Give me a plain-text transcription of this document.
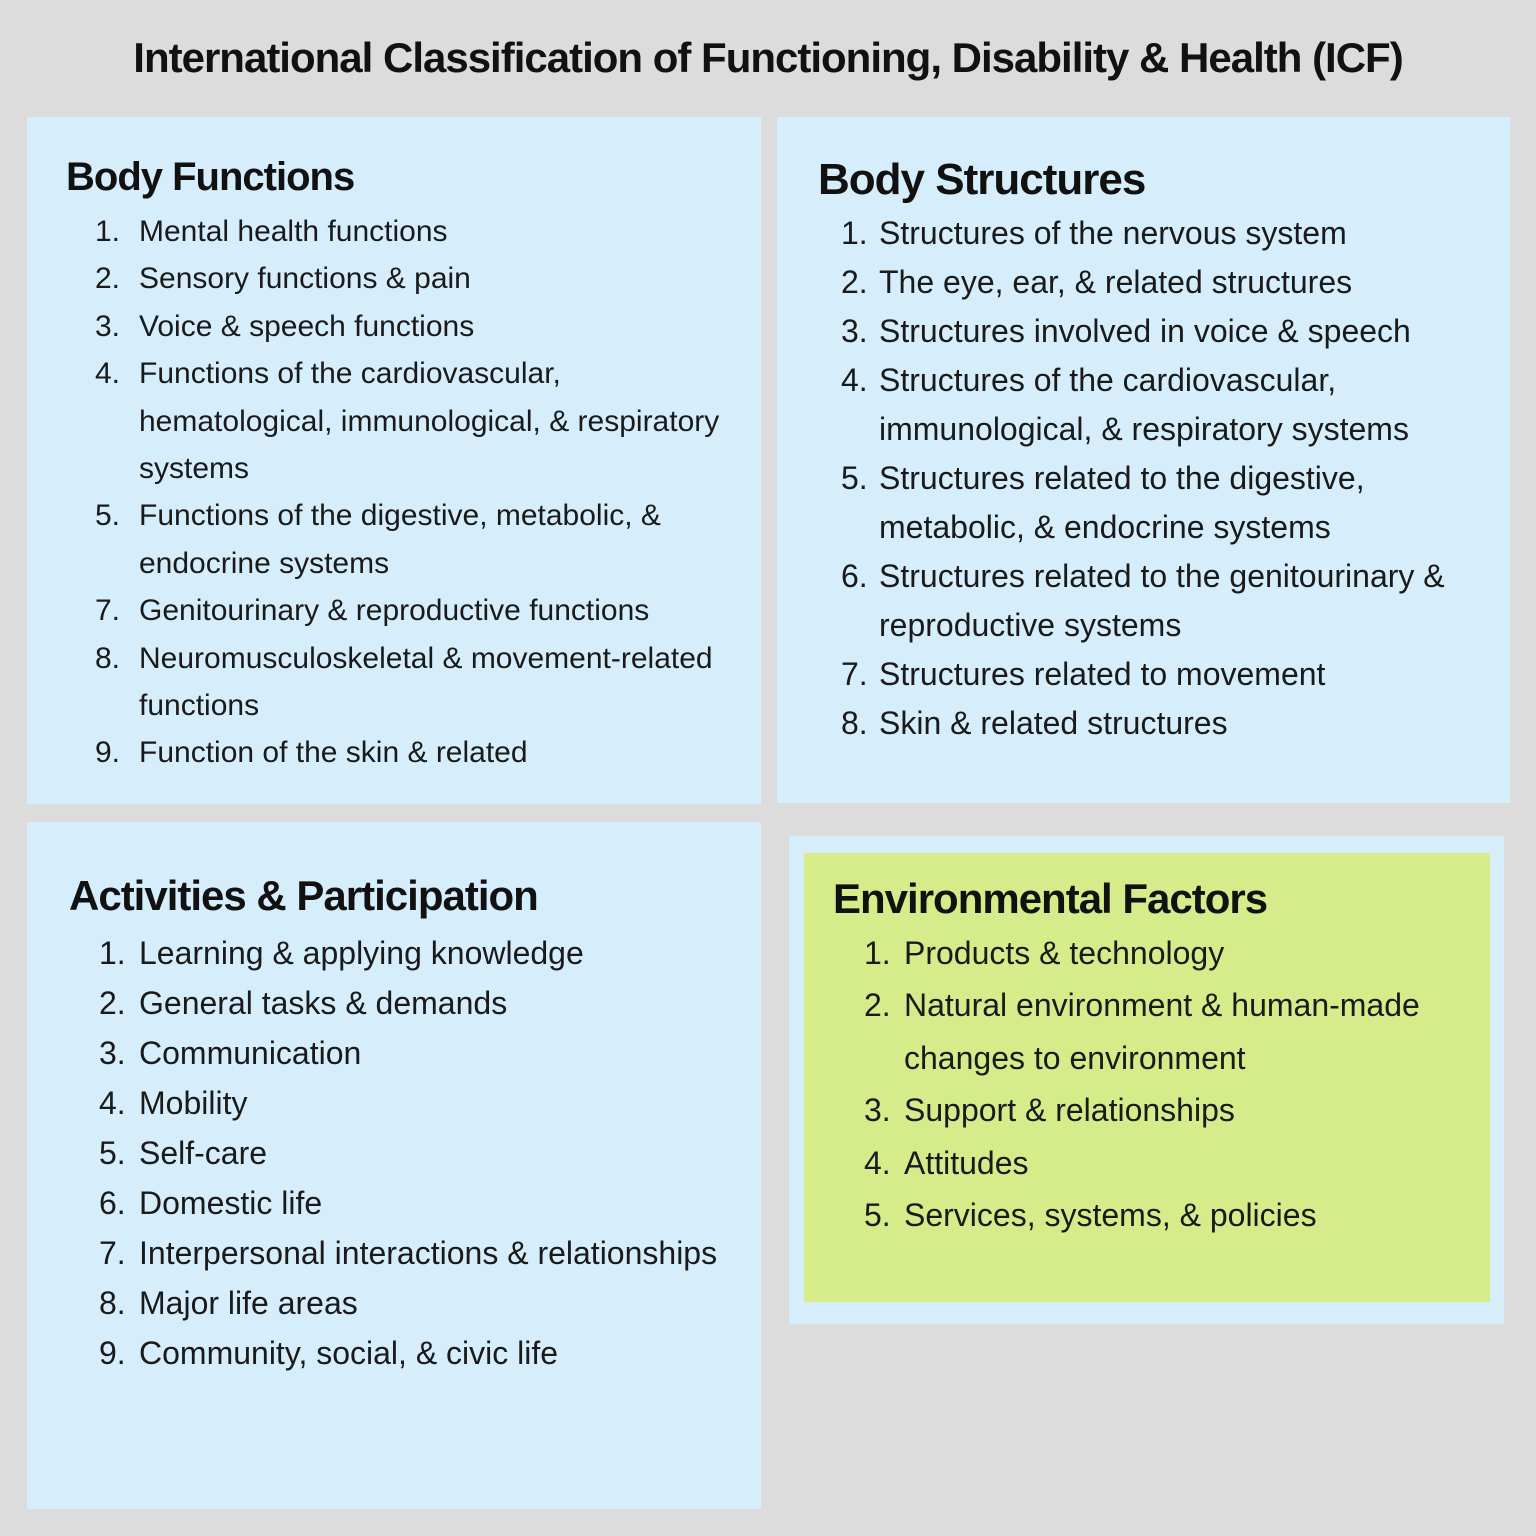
International Classification of Functioning, Disability & Health (ICF)
Body Functions
1. Mental health functions
2. Sensory functions & pain
3. Voice & speech functions
4. Functions of the cardiovascular, hematological, immunological, & respiratory systems
5. Functions of the digestive, metabolic, & endocrine systems
7. Genitourinary & reproductive functions
8. Neuromusculoskeletal & movement-related functions
9. Function of the skin & related
Body Structures
1. Structures of the nervous system
2. The eye, ear, & related structures
3. Structures involved in voice & speech
4. Structures of the cardiovascular, immunological, & respiratory systems
5. Structures related to the digestive, metabolic, & endocrine systems
6. Structures related to the genitourinary & reproductive systems
7. Structures related to movement
8. Skin & related structures
Activities & Participation
1. Learning & applying knowledge
2. General tasks & demands
3. Communication
4. Mobility
5. Self-care
6. Domestic life
7. Interpersonal interactions & relationships
8. Major life areas
9. Community, social, & civic life
Environmental Factors
1. Products & technology
2. Natural environment & human-made changes to environment
3. Support & relationships
4. Attitudes
5. Services, systems, & policies
